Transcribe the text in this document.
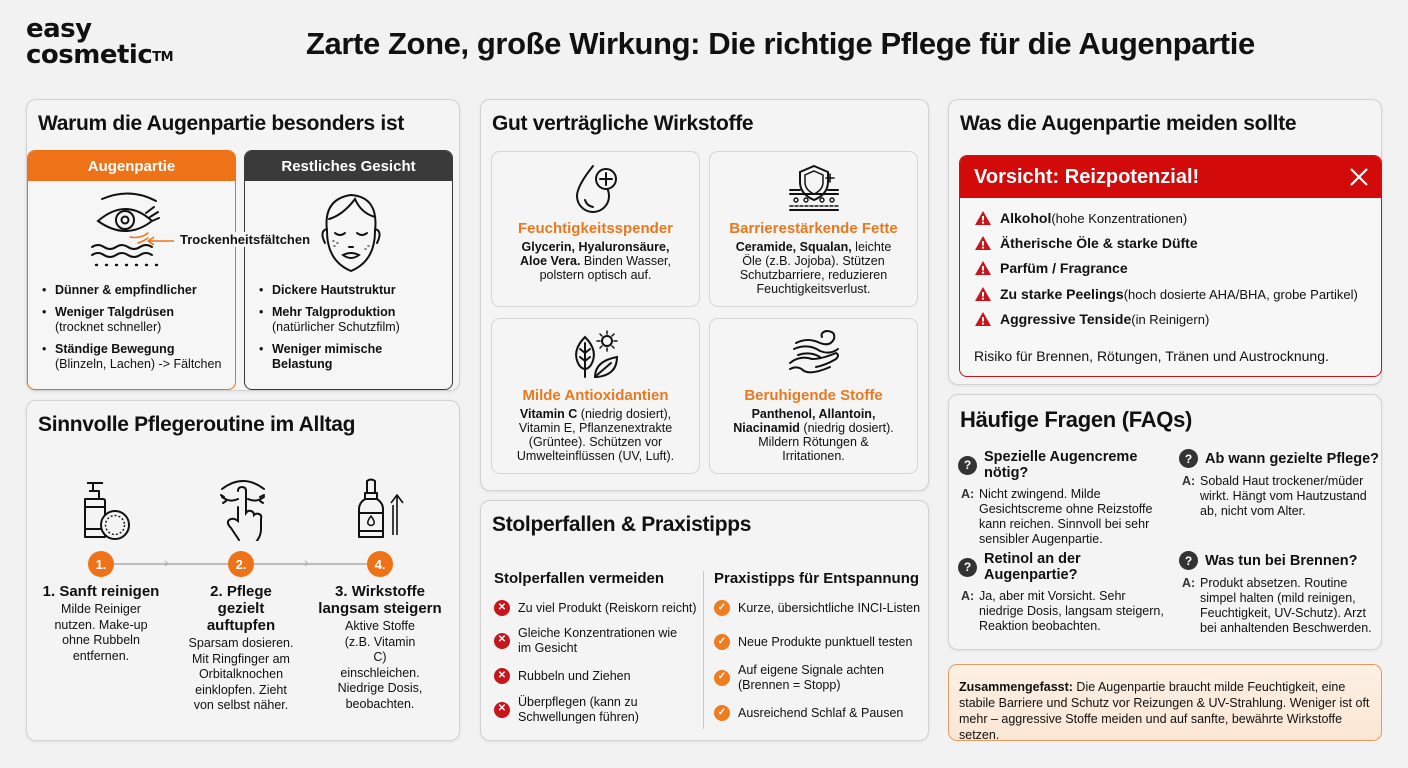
easy
cosmetic™	Zarte Zone, große Wirkung: Die richtige Pflege für die Augenpartie
Warum die Augenpartie besonders ist
Augenpartie
• Dünner & empfindlicher
• Weniger Talgdrüsen
(trocknet schneller)
• Ständige Bewegung
(Blinzeln, Lachen) -> Fältchen
Restliches Gesicht
• Dickere Hautstruktur
• Mehr Talgproduktion
(natürlicher Schutzfilm)
• Weniger mimische Belastung
Trockenheitsfältchen
Sinnvolle Pflegeroutine im Alltag
›	›
1.	2.	4.
1. Sanft reinigen
Milde Reiniger nutzen. Make-up ohne Rubbeln entfernen.
2. Pflege gezielt auftupfen
Sparsam dosieren. Mit Ringfinger am Orbitalknochen einklopfen. Zieht von selbst näher.
3. Wirkstoffe langsam steigern
Aktive Stoffe (z.B. Vitamin C) einschleichen. Niedrige Dosis, beobachten.
Gut verträgliche Wirkstoffe
Feuchtigkeitsspender
Glycerin, Hyaluronsäure, Aloe Vera. Binden Wasser, polstern optisch auf.
Barrierestärkende Fette
Ceramide, Squalan, leichte Öle (z.B. Jojoba). Stützen Schutzbarriere, reduzieren Feuchtigkeitsverlust.
Milde Antioxidantien
Vitamin C (niedrig dosiert), Vitamin E, Pflanzenextrakte (Grüntee). Schützen vor Umwelteinflüssen (UV, Luft).
Beruhigende Stoffe
Panthenol, Allantoin, Niacinamid (niedrig dosiert). Mildern Rötungen & Irritationen.
Stolperfallen & Praxistipps
Stolperfallen vermeiden
✕ Zu viel Produkt (Reiskorn reicht)
✕ Gleiche Konzentrationen wie im Gesicht
✕ Rubbeln und Ziehen
✕ Überpflegen (kann zu Schwellungen führen)
Praxistipps für Entspannung
✓ Kurze, übersichtliche INCI-Listen
✓ Neue Produkte punktuell testen
✓ Auf eigene Signale achten (Brennen = Stopp)
✓ Ausreichend Schlaf & Pausen
Was die Augenpartie meiden sollte
Vorsicht: Reizpotenzial!
Alkohol (hohe Konzentrationen)
Ätherische Öle & starke Düfte
Parfüm / Fragrance
Zu starke Peelings (hoch dosierte AHA/BHA, grobe Partikel)
Aggressive Tenside (in Reinigern)
Risiko für Brennen, Rötungen, Tränen und Austrocknung.
Häufige Fragen (FAQs)
? Spezielle Augencreme nötig?
A: Nicht zwingend. Milde Gesichtscreme ohne Reizstoffe kann reichen. Sinnvoll bei sehr sensibler Augenpartie.
? Ab wann gezielte Pflege?
A: Sobald Haut trockener/müder wirkt. Hängt vom Hautzustand ab, nicht vom Alter.
? Retinol an der Augenpartie?
A: Ja, aber mit Vorsicht. Sehr niedrige Dosis, langsam steigern, Reaktion beobachten.
? Was tun bei Brennen?
A: Produkt absetzen. Routine simpel halten (mild reinigen, Feuchtigkeit, UV-Schutz). Arzt bei anhaltenden Beschwerden.
Zusammengefasst: Die Augenpartie braucht milde Feuchtigkeit, eine stabile Barriere und Schutz vor Reizungen & UV-Strahlung. Weniger ist oft mehr – aggressive Stoffe meiden und auf sanfte, bewährte Wirkstoffe setzen.
